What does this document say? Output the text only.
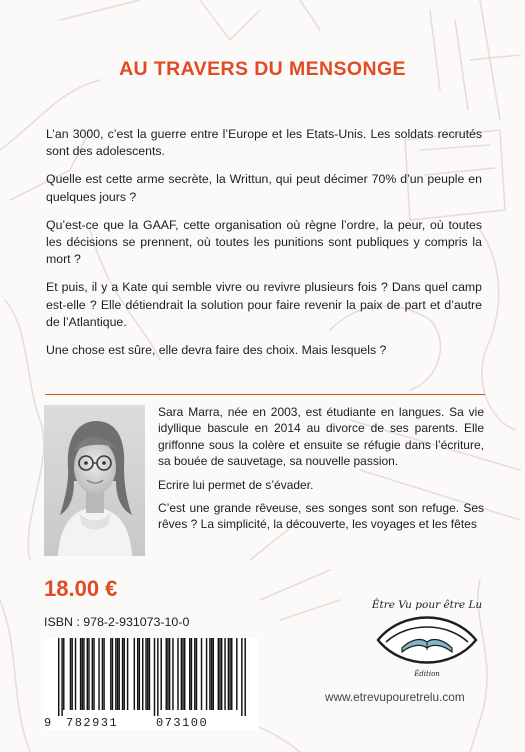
AU TRAVERS DU MENSONGE

L’an 3000, c’est la guerre entre l’Europe et les Etats-Unis. Les soldats recrutés sont des adolescents.

Quelle est cette arme secrète, la Writtun, qui peut décimer 70% d’un peuple en quelques jours ?

Qu’est-ce que la GAAF, cette organisation où règne l’ordre, la peur, où toutes les décisions se prennent, où toutes les punitions sont publiques y compris la mort ?

Et puis, il y a Kate qui semble vivre ou revivre plusieurs fois ? Dans quel camp est-elle ? Elle détiendrait la solution pour faire revenir la paix de part et d’autre de l’Atlantique.

Une chose est sûre, elle devra faire des choix. Mais lesquels ?

Sara Marra, née en 2003, est étudiante en langues. Sa vie idyllique bascule en 2014 au divorce de ses parents. Elle griffonne sous la colère et ensuite se réfugie dans l’écriture, sa bouée de sauvetage, sa nouvelle passion.

Ecrire lui permet de s’évader.

C’est une grande rêveuse, ses songes sont son refuge. Ses rêves ? La simplicité, la découverte, les voyages et les fêtes

18.00 €
ISBN : 978-2-931073-10-0
9 782931	073100
Être Vu pour être Lu
Édition
www.etrevupouretrelu.com
